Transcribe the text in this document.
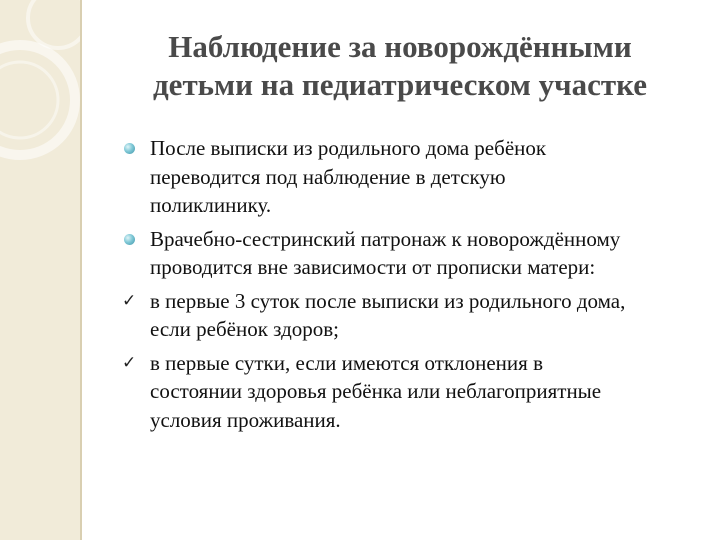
Наблюдение за новорождёнными
детьми на педиатрическом участке
После выписки из родильного дома ребёнок
переводится под наблюдение в детскую
поликлинику.
Врачебно-сестринский патронаж к новорождённому
проводится вне зависимости от прописки матери:
✓ в первые 3 суток после выписки из родильного дома,
если ребёнок здоров;
✓ в первые сутки, если имеются отклонения в
состоянии здоровья ребёнка или неблагоприятные
условия проживания.
